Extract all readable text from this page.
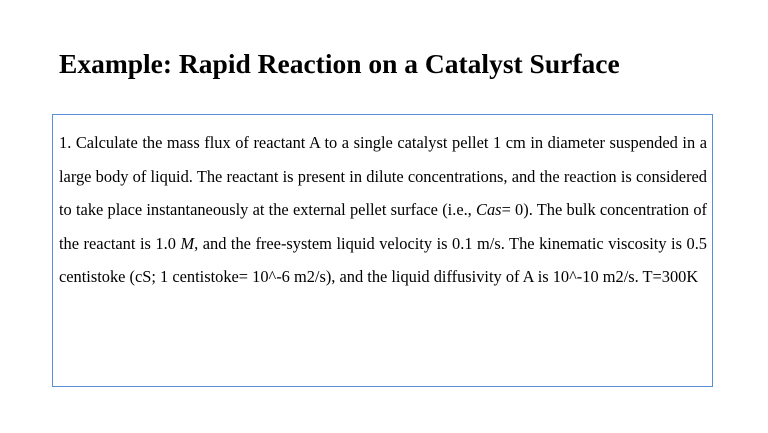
Example: Rapid Reaction on a Catalyst Surface

1. Calculate the mass flux of reactant A to a single catalyst pellet 1 cm in diameter suspended in a large body of liquid. The reactant is present in dilute concentrations, and the reaction is considered to take place instantaneously at the external pellet surface (i.e., Cas= 0). The bulk concentration of the reactant is 1.0 M, and the free-system liquid velocity is 0.1 m/s. The kinematic viscosity is 0.5 centistoke (cS; 1 centistoke= 10^-6 m2/s), and the liquid diffusivity of A is 10^-10 m2/s. T=300K
